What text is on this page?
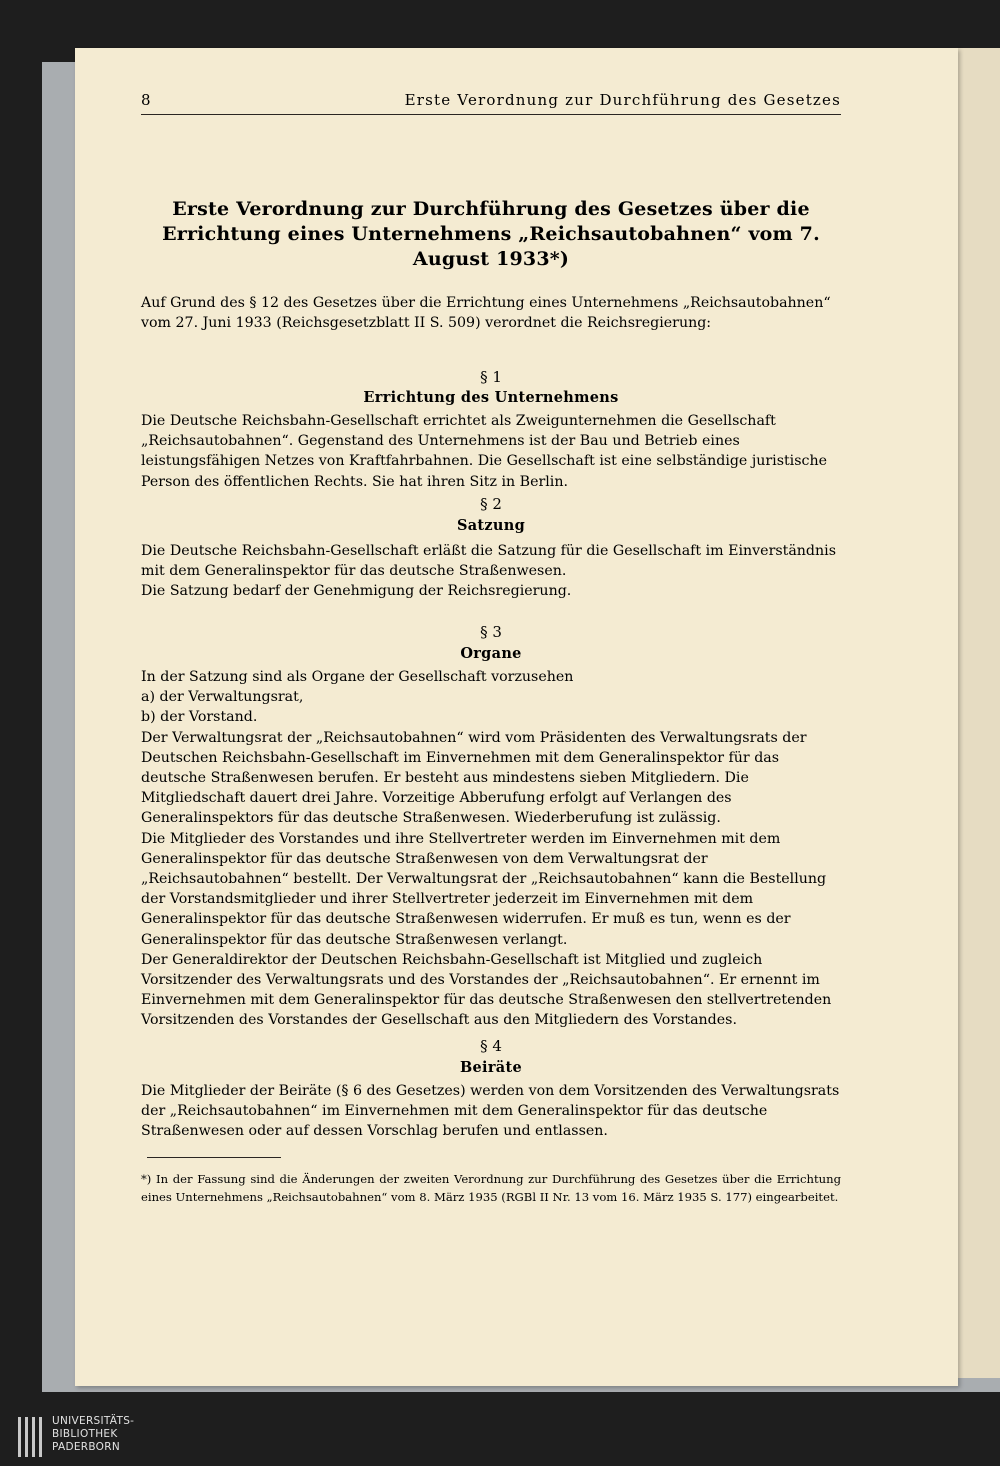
8	Erste Verordnung zur Durchführung des Gesetzes
Erste Verordnung zur Durchführung des Gesetzes über die Errichtung eines Unternehmens „Reichsautobahnen“ vom 7. August 1933*)

Auf Grund des § 12 des Gesetzes über die Errichtung eines Unternehmens „Reichsautobahnen“ vom 27. Juni 1933 (Reichsgesetzblatt II S. 509) verordnet die Reichsregierung:

§ 1
Errichtung des Unternehmens

Die Deutsche Reichsbahn-Gesellschaft errichtet als Zweigunternehmen die Gesellschaft „Reichsautobahnen“. Gegenstand des Unternehmens ist der Bau und Betrieb eines leistungsfähigen Netzes von Kraftfahrbahnen. Die Gesellschaft ist eine selbständige juristische Person des öffentlichen Rechts. Sie hat ihren Sitz in Berlin.

§ 2
Satzung

Die Deutsche Reichsbahn-Gesellschaft erläßt die Satzung für die Gesellschaft im Einverständnis mit dem Generalinspektor für das deutsche Straßenwesen.

Die Satzung bedarf der Genehmigung der Reichsregierung.

§ 3
Organe

In der Satzung sind als Organe der Gesellschaft vorzusehen

a) der Verwaltungsrat,

b) der Vorstand.

Der Verwaltungsrat der „Reichsautobahnen“ wird vom Präsidenten des Verwaltungsrats der Deutschen Reichsbahn-Gesellschaft im Einvernehmen mit dem Generalinspektor für das deutsche Straßenwesen berufen. Er besteht aus mindestens sieben Mitgliedern. Die Mitgliedschaft dauert drei Jahre. Vorzeitige Abberufung erfolgt auf Verlangen des Generalinspektors für das deutsche Straßenwesen. Wiederberufung ist zulässig.

Die Mitglieder des Vorstandes und ihre Stellvertreter werden im Einvernehmen mit dem Generalinspektor für das deutsche Straßenwesen von dem Verwaltungsrat der „Reichsautobahnen“ bestellt. Der Verwaltungsrat der „Reichsautobahnen“ kann die Bestellung der Vorstandsmitglieder und ihrer Stellvertreter jederzeit im Einvernehmen mit dem Generalinspektor für das deutsche Straßenwesen widerrufen. Er muß es tun, wenn es der Generalinspektor für das deutsche Straßenwesen verlangt.

Der Generaldirektor der Deutschen Reichsbahn-Gesellschaft ist Mitglied und zugleich Vorsitzender des Verwaltungsrats und des Vorstandes der „Reichsautobahnen“. Er ernennt im Einvernehmen mit dem Generalinspektor für das deutsche Straßenwesen den stellvertretenden Vorsitzenden des Vorstandes der Gesellschaft aus den Mitgliedern des Vorstandes.

§ 4
Beiräte

Die Mitglieder der Beiräte (§ 6 des Gesetzes) werden von dem Vorsitzenden des Verwaltungsrats der „Reichsautobahnen“ im Einvernehmen mit dem Generalinspektor für das deutsche Straßenwesen oder auf dessen Vorschlag berufen und entlassen.

*) In der Fassung sind die Änderungen der zweiten Verordnung zur Durchführung des Gesetzes über die Errichtung eines Unternehmens „Reichsautobahnen“ vom 8. März 1935 (RGBl II Nr. 13 vom 16. März 1935 S. 177) eingearbeitet.

UNIVERSITÄTS-
BIBLIOTHEK
PADERBORN
